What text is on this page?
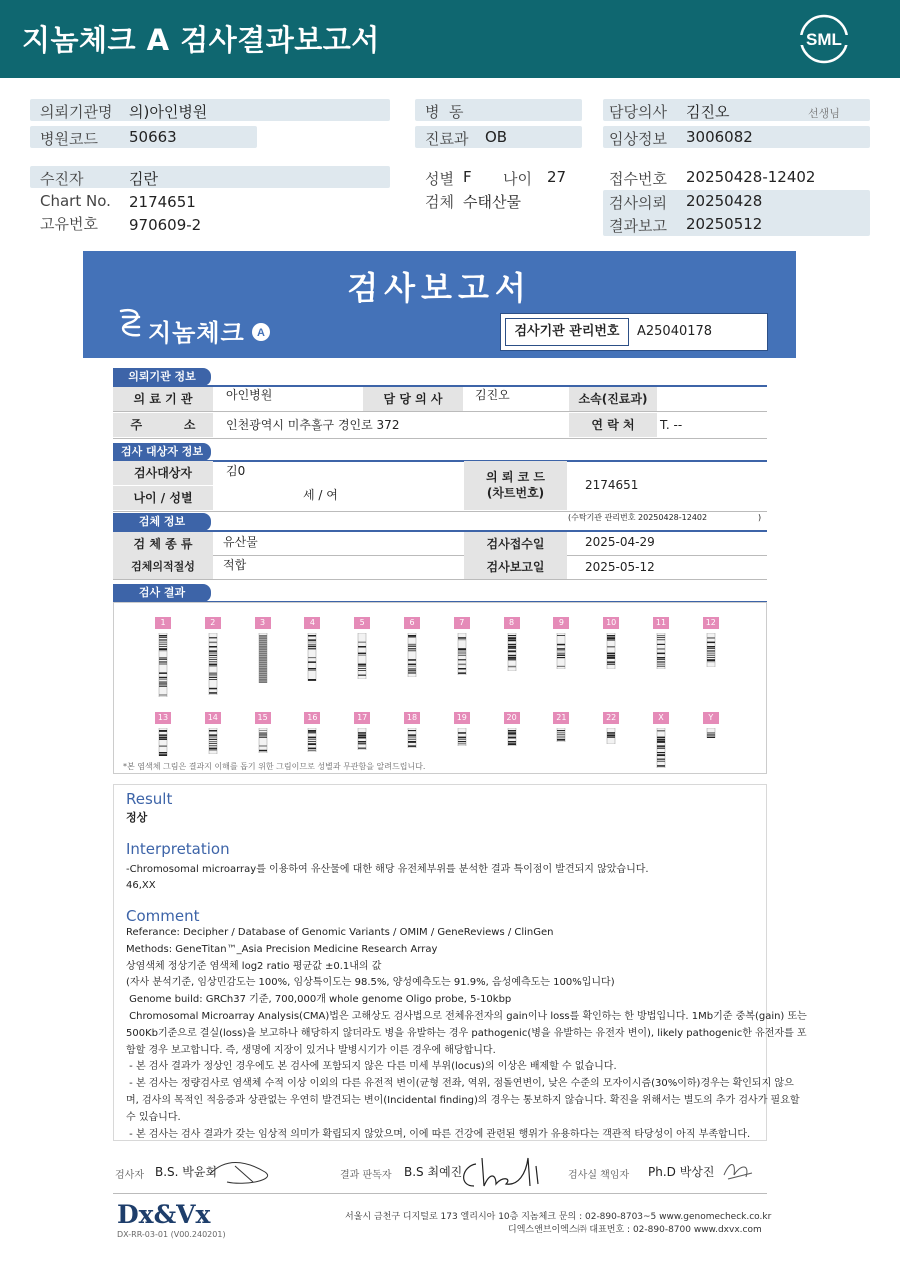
지놈체크 A 검사결과보고서	SML
의뢰기관명 의)아인병원
병원코드 50663
병  동
진료과 OB
담당의사 김진오	선생님
임상정보 3006082
수진자	김란
Chart No. 2174651
고유번호 970609-2
성별 F 나이 27
검체 수태산물
접수번호 20250428-12402
검사의뢰 20250428
결과보고 20250512
검사보고서
A
지놈체크	검사기관 관리번호	A25040178
의뢰기관 정보
의 료 기 관	아인병원	담 당 의 사	김진오	소속(진료과)
주          소	인천광역시 미추홀구 경인로 372	연 락 처	T. --
검사 대상자 정보
검사대상자	김0
나이 / 성별	세 / 여
의 뢰 코 드
(차트번호)
2174651
검체 정보	(수탁기관 관리번호 20250428-12402                    )
검 체 종 류	유산물	검사접수일	2025-04-29
검체의적절성	적합	검사보고일	2025-05-12
검사 결과
1	2	3	4	5	6	7	8	9	10	11	12
13	14	15	16	17	18	19	20	21	22	X	Y
*본 염색체 그림은 결과지 이해를 돕기 위한 그림이므로 성별과 무관함을 알려드립니다.
Result
정상
Interpretation
-Chromosomal microarray를 이용하여 유산물에 대한 해당 유전체부위를 분석한 결과 특이점이 발견되지 않았습니다.
46,XX
Comment
Referance: Decipher / Database of Genomic Variants / OMIM / GeneReviews / ClinGen
Methods: GeneTitan™_Asia Precision Medicine Research Array
상염색체 정상기준 염색체 log2 ratio 평균값 ±0.1내의 값
(자사 분석기준, 임상민감도는 100%, 임상특이도는 98.5%, 양성예측도는 91.9%, 음성예측도는 100%입니다)
Genome build: GRCh37 기준, 700,000개 whole genome Oligo probe, 5-10kbp
Chromosomal Microarray Analysis(CMA)법은 고해상도 검사법으로 전체유전자의 gain이나 loss를 확인하는 한 방법입니다. 1Mb기준 중복(gain) 또는
500Kb기준으로 결실(loss)을 보고하나 해당하지 않더라도 병을 유발하는 경우 pathogenic(병을 유발하는 유전자 변이), likely pathogenic한 유전자를 포
함할 경우 보고합니다. 즉, 생명에 지장이 있거나 발병시기가 이른 경우에 해당합니다.
- 본 검사 결과가 정상인 경우에도 본 검사에 포함되지 않은 다른 미세 부위(locus)의 이상은 배제할 수 없습니다.
- 본 검사는 정량검사로 염색체 수적 이상 이외의 다른 유전적 변이(균형 전좌, 역위, 점돌연변이, 낮은 수준의 모자이시즘(30%이하)경우는 확인되지 않으
며, 검사의 목적인 적응증과 상관없는 우연히 발견되는 변이(Incidental finding)의 경우는 통보하지 않습니다. 확진을 위해서는 별도의 추가 검사가 필요할
수 있습니다.
- 본 검사는 검사 결과가 갖는 임상적 의미가 확립되지 않았으며, 이에 따른 건강에 관련된 행위가 유용하다는 객관적 타당성이 아직 부족합니다.
검사자 B.S. 박윤희	결과 판독자 B.S 최예진	검사실 책임자 Ph.D 박상진
Dx&Vx
DX-RR-03-01 (V00.240201)
서울시 금천구 디지털로 173 엘리시아 10층 지놈체크 문의 : 02-890-8703~5 www.genomecheck.co.kr
디엑스앤브이엑스㈜ 대표번호 : 02-890-8700 www.dxvx.com
